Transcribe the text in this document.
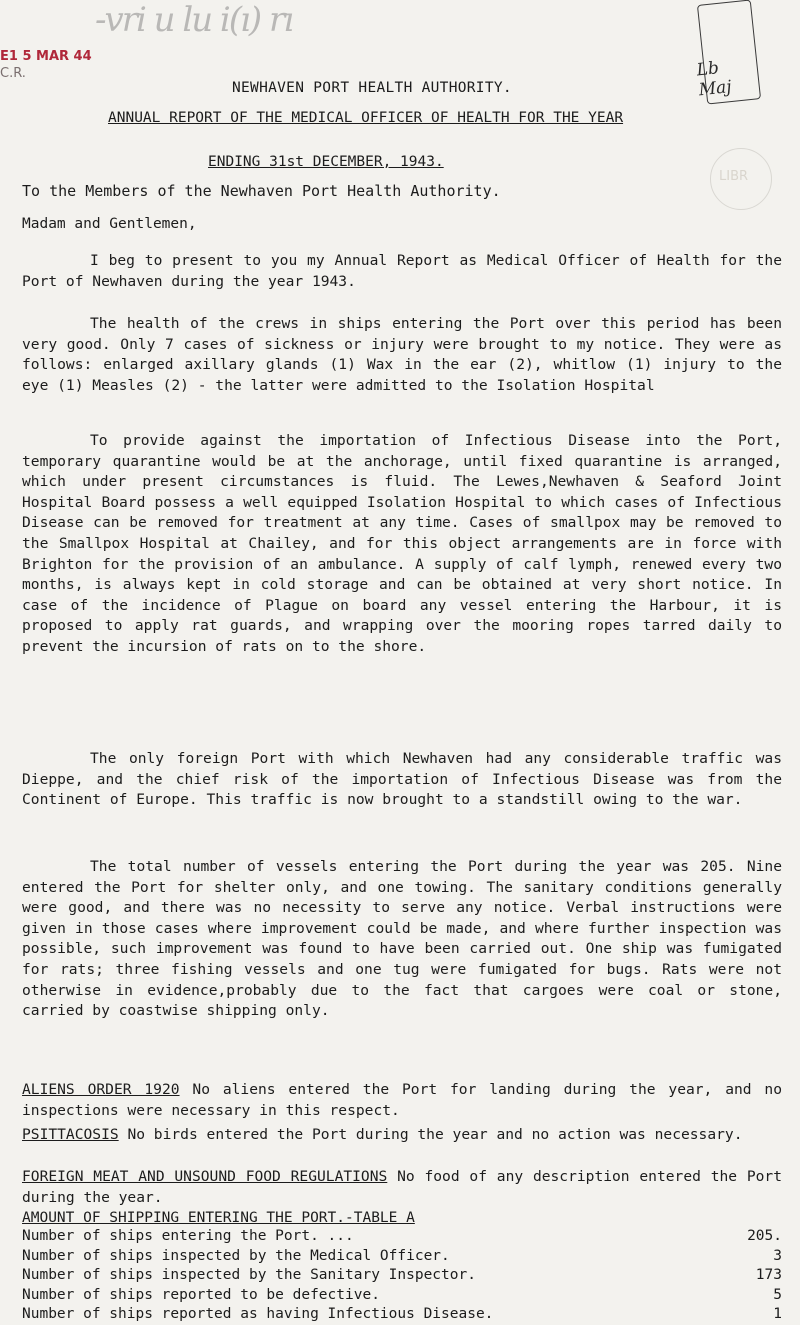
-vri u lu i(ı) rı
E1 5 MAR 44
C.R.	Lb Maj
LIBR
NEWHAVEN PORT HEALTH AUTHORITY.
ANNUAL REPORT OF THE MEDICAL OFFICER OF HEALTH FOR THE YEAR
ENDING 31st DECEMBER, 1943.
To the Members of the Newhaven Port Health Authority.
Madam and Gentlemen,
I beg to present to you my Annual Report as Medical Officer of Health for the Port of Newhaven during the year 1943.
The health of the crews in ships entering the Port over this period has been very good. Only 7 cases of sickness or injury were brought to my notice. They were as follows: enlarged axillary glands (1) Wax in the ear (2), whitlow (1) injury to the eye (1) Measles (2) - the latter were admitted to the Isolation Hospital
To provide against the importation of Infectious Disease into the Port, temporary quarantine would be at the anchorage, until fixed quarantine is arranged, which under present circumstances is fluid. The Lewes,Newhaven & Seaford Joint Hospital Board possess a well equipped Isolation Hospital to which cases of Infectious Disease can be removed for treatment at any time. Cases of smallpox may be removed to the Smallpox Hospital at Chailey, and for this object arrangements are in force with Brighton for the provision of an ambulance. A supply of calf lymph, renewed every two months, is always kept in cold storage and can be obtained at very short notice. In case of the incidence of Plague on board any vessel entering the Harbour, it is proposed to apply rat guards, and wrapping over the mooring ropes tarred daily to prevent the incursion of rats on to the shore.
The only foreign Port with which Newhaven had any considerable traffic was Dieppe, and the chief risk of the importation of Infectious Disease was from the Continent of Europe. This traffic is now brought to a standstill owing to the war.
The total number of vessels entering the Port during the year was 205. Nine entered the Port for shelter only, and one towing. The sanitary conditions generally were good, and there was no necessity to serve any notice. Verbal instructions were given in those cases where improvement could be made, and where further inspection was possible, such improvement was found to have been carried out. One ship was fumigated for rats; three fishing vessels and one tug were fumigated for bugs. Rats were not otherwise in evidence,probably due to the fact that cargoes were coal or stone, carried by coastwise shipping only.
ALIENS ORDER 1920 No aliens entered the Port for landing during the year, and no inspections were necessary in this respect.
PSITTACOSIS No birds entered the Port during the year and no action was necessary.
FOREIGN MEAT AND UNSOUND FOOD REGULATIONS No food of any description entered the Port during the year.
AMOUNT OF SHIPPING ENTERING THE PORT.-TABLE A
Number of ships entering the Port. ...	205.
Number of ships inspected by the Medical Officer.	3
Number of ships inspected by the Sanitary Inspector.	173
Number of ships reported to be defective.	5
Number of ships reported as having Infectious Disease.	1
